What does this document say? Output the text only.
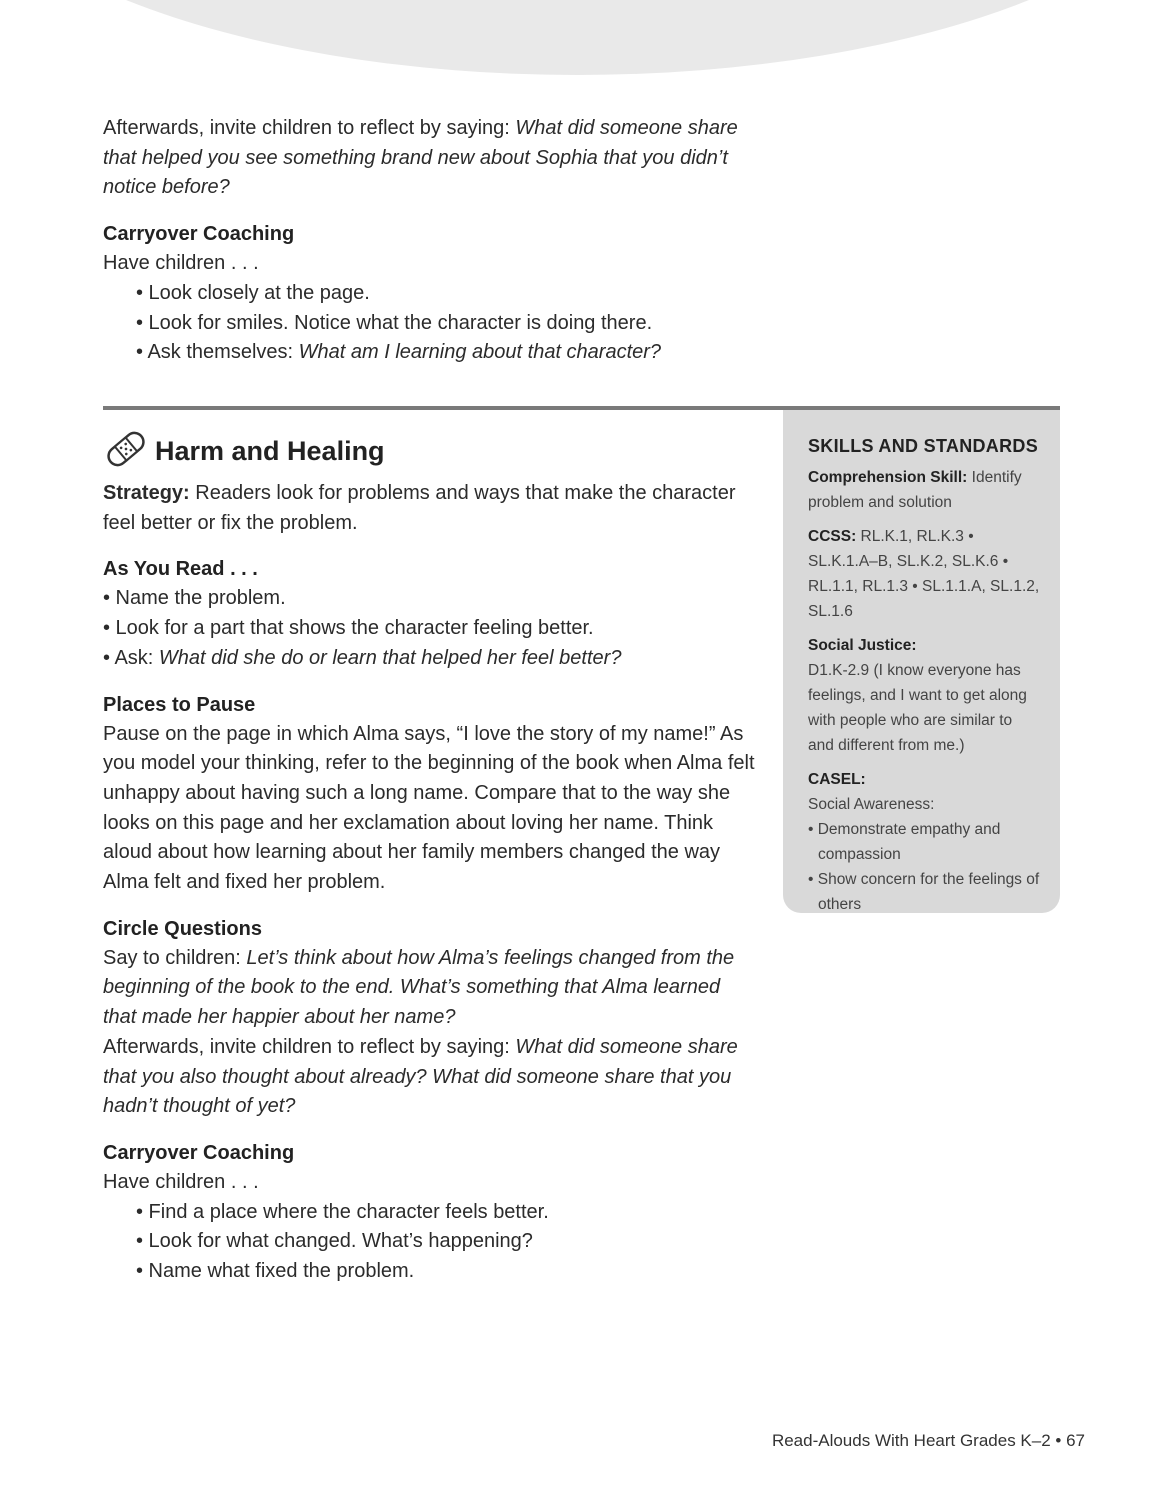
Afterwards, invite children to reflect by saying: What did someone share that helped you see something brand new about Sophia that you didn’t notice before?

Carryover Coaching

Have children . . .

• Look closely at the page.

• Look for smiles. Notice what the character is doing there.

• Ask themselves: What am I learning about that character?

Harm and Healing

Strategy: Readers look for problems and ways that make the character feel better or fix the problem.

As You Read . . .

• Name the problem.

• Look for a part that shows the character feeling better.

• Ask: What did she do or learn that helped her feel better?

Places to Pause

Pause on the page in which Alma says, “I love the story of my name!” As you model your thinking, refer to the beginning of the book when Alma felt unhappy about having such a long name. Compare that to the way she looks on this page and her exclamation about loving her name. Think aloud about how learning about her family members changed the way Alma felt and fixed her problem.

Circle Questions

Say to children: Let’s think about how Alma’s feelings changed from the beginning of the book to the end. What’s something that Alma learned that made her happier about her name?

Afterwards, invite children to reflect by saying: What did someone share that you also thought about already? What did someone share that you hadn’t thought of yet?

Carryover Coaching

Have children . . .

• Find a place where the character feels better.

• Look for what changed. What’s happening?

• Name what fixed the problem.

SKILLS AND STANDARDS
Comprehension Skill: Identify problem and solution
CCSS: RL.K.1, RL.K.3 • SL.K.1.A–B, SL.K.2, SL.K.6 • RL.1.1, RL.1.3 • SL.1.1.A, SL.1.2, SL.1.6
Social Justice:
D1.K-2.9 (I know everyone has feelings, and I want to get along with people who are similar to and different from me.)
CASEL:
Social Awareness:
• Demonstrate empathy and compassion
• Show concern for the feelings of others
Read-Alouds With Heart Grades K–2 • 67
